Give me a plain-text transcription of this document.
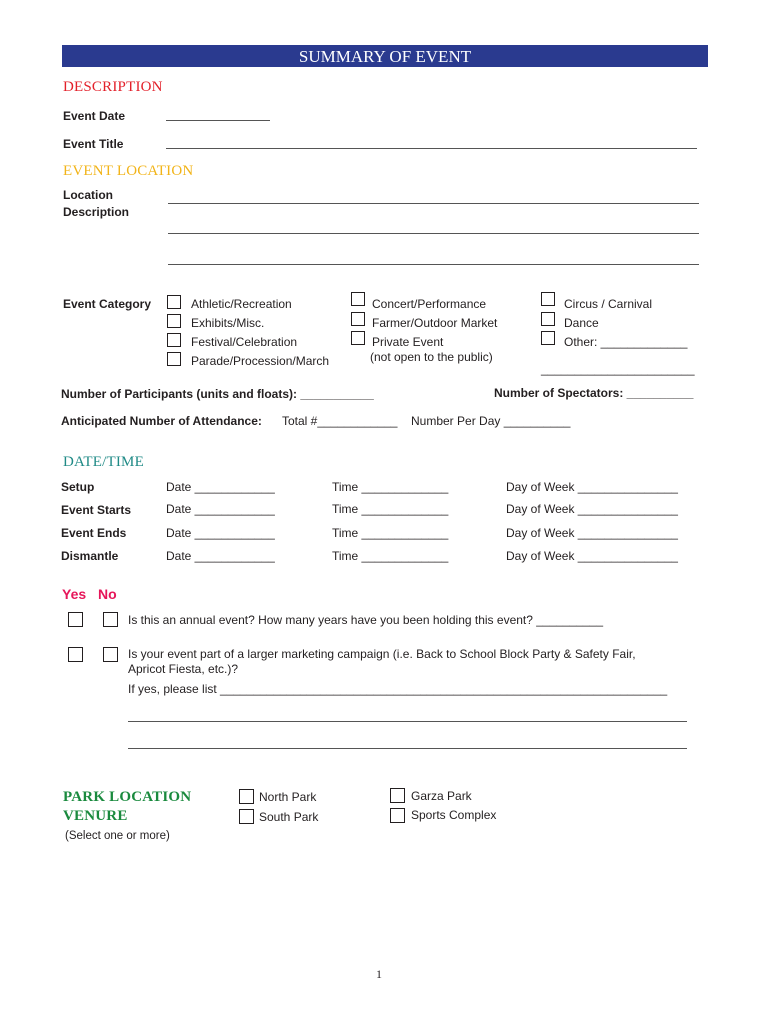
SUMMARY OF EVENT
DESCRIPTION
Event Date
Event Title
EVENT LOCATION
Location
Description
Event Category	Athletic/Recreation
Exhibits/Misc.
Festival/Celebration
Parade/Procession/March
Concert/Performance
Farmer/Outdoor Market
Private Event
(not open to the public)
Circus / Carnival
Dance
Other: _____________
_______________________
Number of Participants (units and floats): ___________	Number of Spectators: __________
Anticipated Number of Attendance: Total #____________ Number Per Day __________
DATE/TIME
Setup	Date ____________	Time _____________	Day of Week _______________
Event Starts	Date ____________	Time _____________	Day of Week _______________
Event Ends	Date ____________	Time _____________	Day of Week _______________
Dismantle	Date ____________	Time _____________	Day of Week _______________
Yes No
Is this an annual event? How many years have you been holding this event? __________
Is your event part of a larger marketing campaign (i.e. Back to School Block Party & Safety Fair,
Apricot Fiesta, etc.)?
If yes, please list ___________________________________________________________________
PARK LOCATION
VENURE
(Select one or more)
North Park
South Park
Garza Park
Sports Complex
1
